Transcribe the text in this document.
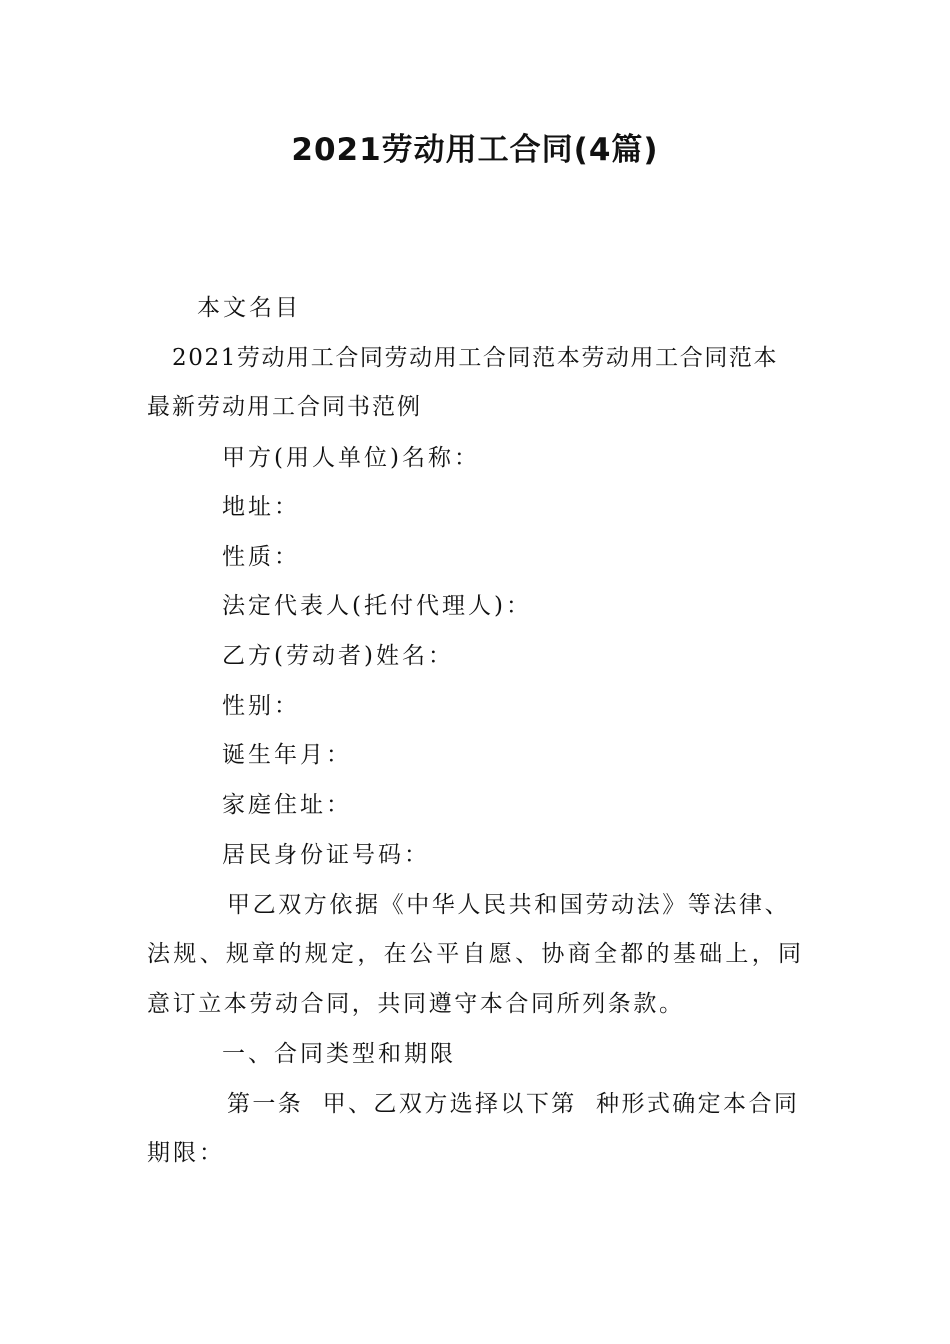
2021劳动用工合同(4篇)
本文名目
2021劳动用工合同劳动用工合同范本劳动用工合同范本
最新劳动用工合同书范例
甲方(用人单位)名称：
地址：
性质：
法定代表人(托付代理人)：
乙方(劳动者)姓名：
性别：
诞生年月：
家庭住址：
居民身份证号码：
甲乙双方依据《中华人民共和国劳动法》等法律、
法规、规章的规定，在公平自愿、协商全都的基础上，同
意订立本劳动合同，共同遵守本合同所列条款。
一、合同类型和期限
第一条  甲、乙双方选择以下第  种形式确定本合同
期限：
